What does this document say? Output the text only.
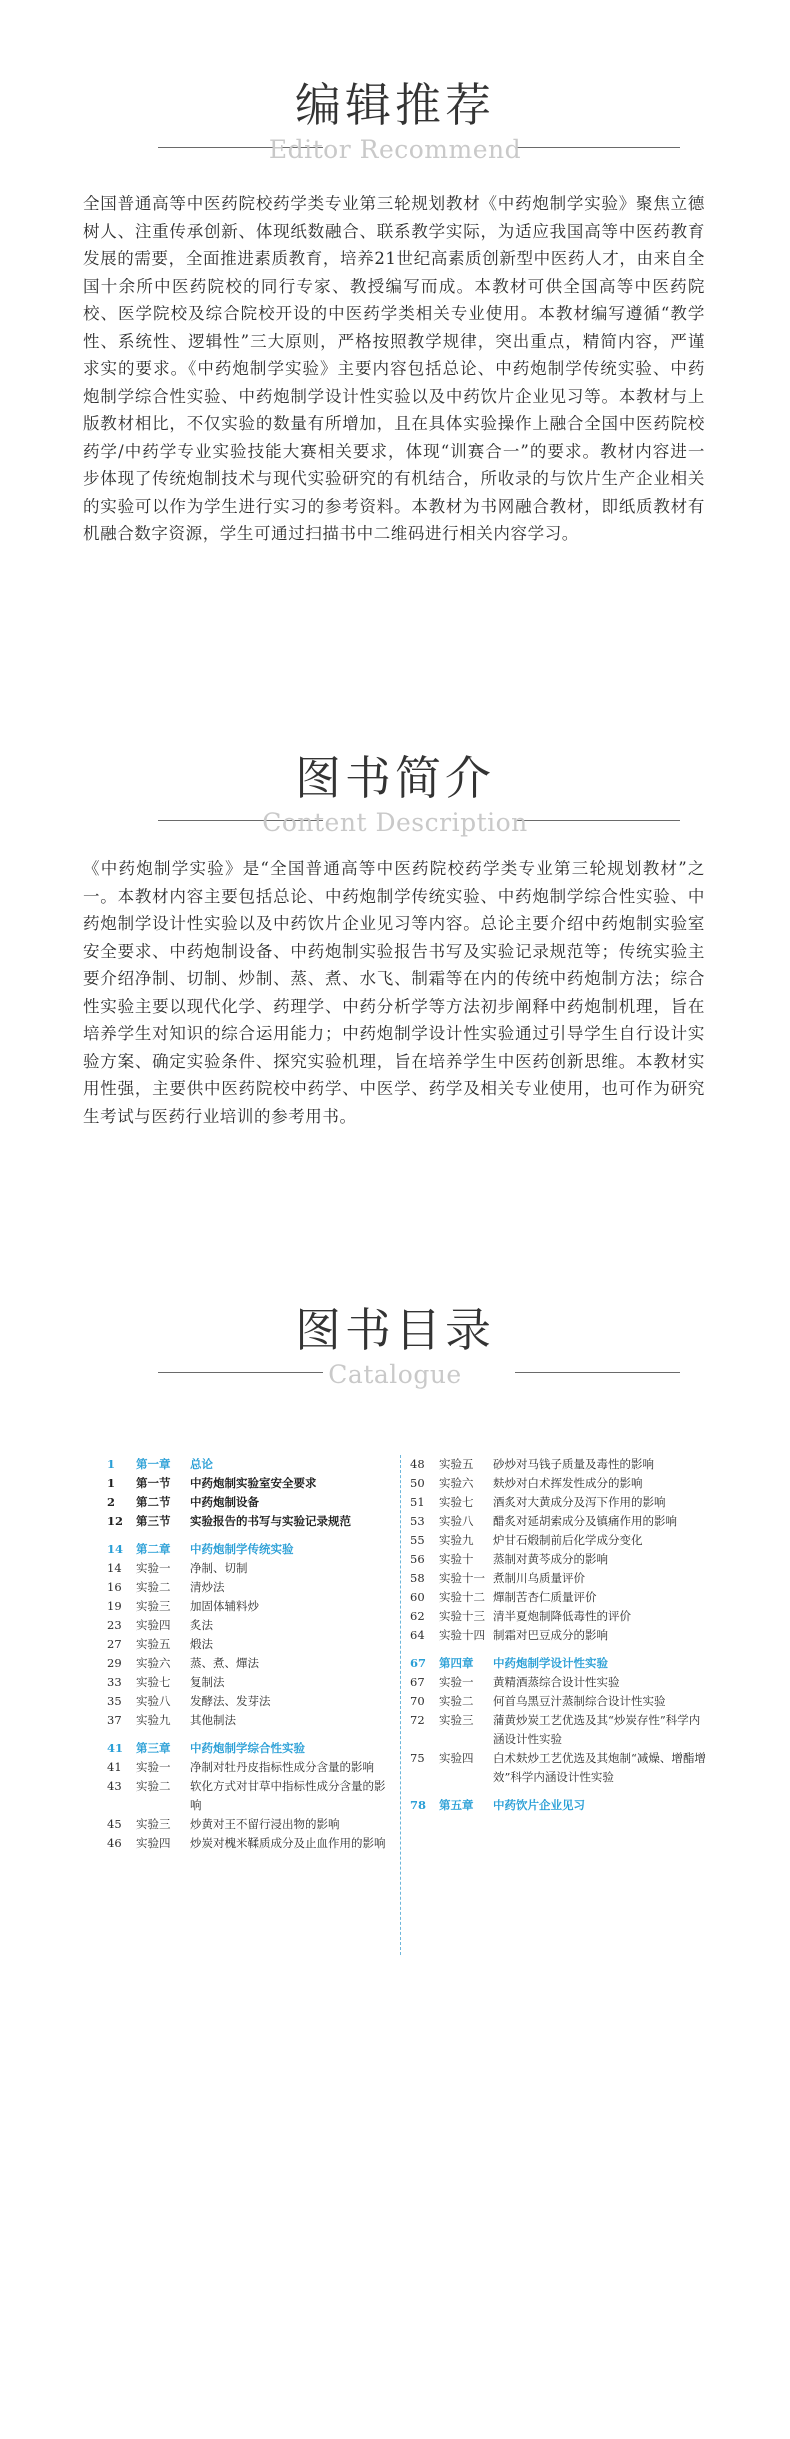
编辑推荐
Editor Recommend

全国普通高等中医药院校药学类专业第三轮规划教材《中药炮制学实验》聚焦立德树人、注重传承创新、体现纸数融合、联系教学实际，为适应我国高等中医药教育发展的需要，全面推进素质教育，培养21世纪高素质创新型中医药人才，由来自全国十余所中医药院校的同行专家、教授编写而成。本教材可供全国高等中医药院校、医学院校及综合院校开设的中医药学类相关专业使用。本教材编写遵循“教学性、系统性、逻辑性”三大原则，严格按照教学规律，突出重点，精简内容，严谨求实的要求。《中药炮制学实验》主要内容包括总论、中药炮制学传统实验、中药炮制学综合性实验、中药炮制学设计性实验以及中药饮片企业见习等。本教材与上版教材相比，不仅实验的数量有所增加，且在具体实验操作上融合全国中医药院校药学/中药学专业实验技能大赛相关要求，体现“训赛合一”的要求。教材内容进一步体现了传统炮制技术与现代实验研究的有机结合，所收录的与饮片生产企业相关的实验可以作为学生进行实习的参考资料。本教材为书网融合教材，即纸质教材有机融合数字资源，学生可通过扫描书中二维码进行相关内容学习。

图书简介
Content Description

《中药炮制学实验》是“全国普通高等中医药院校药学类专业第三轮规划教材”之一。本教材内容主要包括总论、中药炮制学传统实验、中药炮制学综合性实验、中药炮制学设计性实验以及中药饮片企业见习等内容。总论主要介绍中药炮制实验室安全要求、中药炮制设备、中药炮制实验报告书写及实验记录规范等；传统实验主要介绍净制、切制、炒制、蒸、煮、水飞、制霜等在内的传统中药炮制方法；综合性实验主要以现代化学、药理学、中药分析学等方法初步阐释中药炮制机理，旨在培养学生对知识的综合运用能力；中药炮制学设计性实验通过引导学生自行设计实验方案、确定实验条件、探究实验机理，旨在培养学生中医药创新思维。本教材实用性强，主要供中医药院校中药学、中医学、药学及相关专业使用，也可作为研究生考试与医药行业培训的参考用书。

图书目录
Catalogue
1	第一章	总论
1	第一节	中药炮制实验室安全要求
2	第二节	中药炮制设备
12	第三节	实验报告的书写与实验记录规范
14	第二章	中药炮制学传统实验
14	实验一	净制、切制
16	实验二	清炒法
19	实验三	加固体辅料炒
23	实验四	炙法
27	实验五	煅法
29	实验六	蒸、煮、燀法
33	实验七	复制法
35	实验八	发酵法、发芽法
37	实验九	其他制法
41	第三章	中药炮制学综合性实验
41	实验一	净制对牡丹皮指标性成分含量的影响
43	实验二	软化方式对甘草中指标性成分含量的影响
45	实验三	炒黄对王不留行浸出物的影响
46	实验四	炒炭对槐米鞣质成分及止血作用的影响
48	实验五	砂炒对马钱子质量及毒性的影响
50	实验六	麸炒对白术挥发性成分的影响
51	实验七	酒炙对大黄成分及泻下作用的影响
53	实验八	醋炙对延胡索成分及镇痛作用的影响
55	实验九	炉甘石煅制前后化学成分变化
56	实验十	蒸制对黄芩成分的影响
58	实验十一 煮制川乌质量评价
60	实验十二 燀制苦杏仁质量评价
62	实验十三 清半夏炮制降低毒性的评价
64	实验十四 制霜对巴豆成分的影响
67	第四章	中药炮制学设计性实验
67	实验一	黄精酒蒸综合设计性实验
70	实验二	何首乌黑豆汁蒸制综合设计性实验
72	实验三	蒲黄炒炭工艺优选及其“炒炭存性”科学内涵设计性实验
75	实验四	白术麸炒工艺优选及其炮制“减燥、增酯增效”科学内涵设计性实验
78	第五章	中药饮片企业见习
